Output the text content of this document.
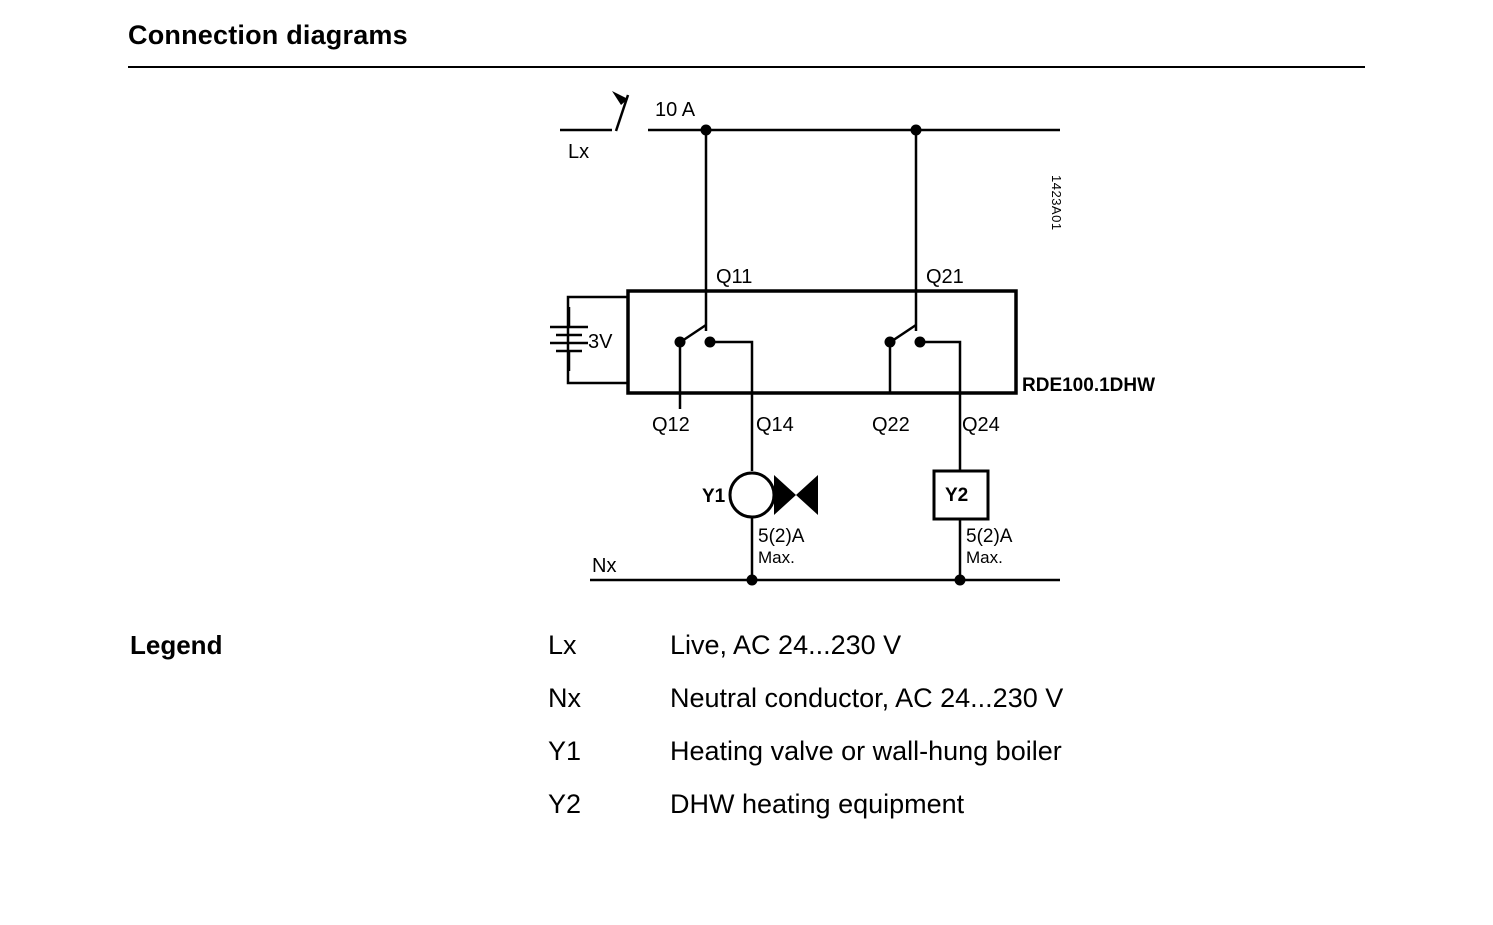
Connection diagrams
10 A
Lx
1423A01
RDE100.1DHW
3V
Q11	Q21
Q12	Q14	Q22	Q24
Y1
5(2)A
Max.
Y2
5(2)A
Max.
Nx
Legend	Lx	Live, AC 24...230 V
Nx	Neutral conductor, AC 24...230 V
Y1	Heating valve or wall-hung boiler
Y2	DHW heating equipment
